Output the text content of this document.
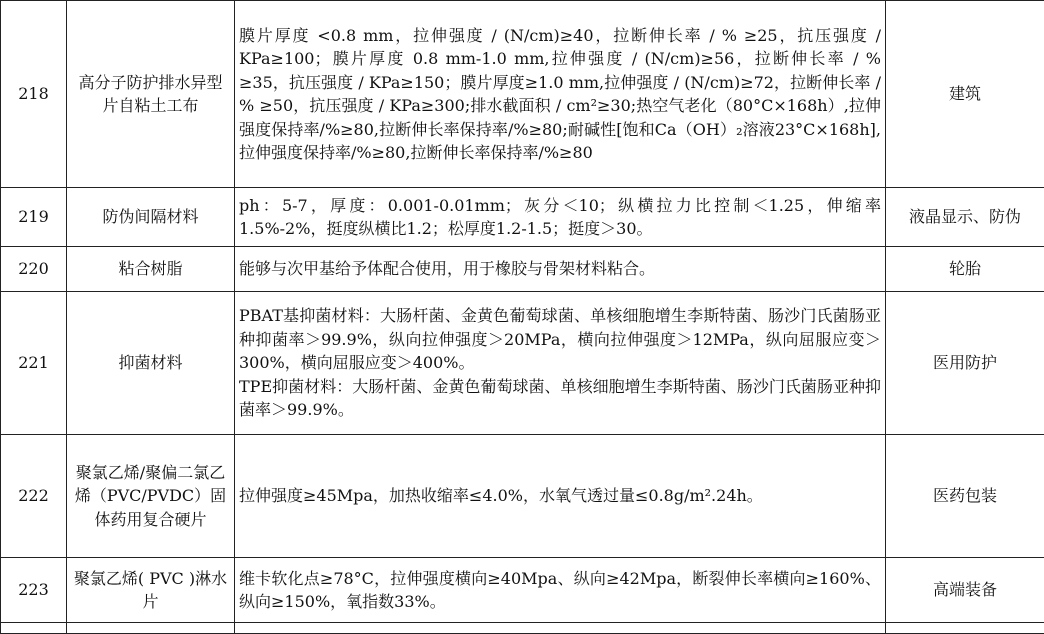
218	高分子防护排水异型片自粘土工布	膜片厚度 <0.8 mm，拉伸强度 / (N/cm)≥40，拉断伸长率 / % ≥25，抗压强度 / KPa≥100；膜片厚度 0.8 mm-1.0 mm,拉伸强度 / (N/cm)≥56，拉断伸长率 / % ≥35，抗压强度 / KPa≥150；膜片厚度≥1.0 mm,拉伸强度 / (N/cm)≥72，拉断伸长率 / % ≥50，抗压强度 / KPa≥300;排水截面积 / cm²≥30;热空气老化（80°C×168h）,拉伸强度保持率/%≥80,拉断伸长率保持率/%≥80;耐碱性[饱和Ca（OH）₂溶液23°C×168h],拉伸强度保持率/%≥80,拉断伸长率保持率/%≥80	建筑
219	防伪间隔材料	ph：5-7，厚度：0.001-0.01mm；灰分＜10；纵横拉力比控制＜1.25，伸缩率1.5%-2%，挺度纵横比1.2；松厚度1.2-1.5；挺度＞30。	液晶显示、防伪
220	粘合树脂	能够与次甲基给予体配合使用，用于橡胶与骨架材料粘合。	轮胎
221	抑菌材料	PBAT基抑菌材料：大肠杆菌、金黄色葡萄球菌、单核细胞增生李斯特菌、肠沙门氏菌肠亚种抑菌率＞99.9%，纵向拉伸强度＞20MPa，横向拉伸强度＞12MPa，纵向屈服应变＞300%，横向屈服应变＞400%。

TPE抑菌材料：大肠杆菌、金黄色葡萄球菌、单核细胞增生李斯特菌、肠沙门氏菌肠亚种抑菌率＞99.9%。	医用防护
222	聚氯乙烯/聚偏二氯乙烯（PVC/PVDC）固体药用复合硬片	拉伸强度≥45Mpa，加热收缩率≤4.0%，水氧气透过量≤0.8g/m².24h。	医药包装
223	聚氯乙烯( PVC )淋水片	维卡软化点≥78°C，拉伸强度横向≥40Mpa、纵向≥42Mpa，断裂伸长率横向≥160%、纵向≥150%，氧指数33%。	高端装备
